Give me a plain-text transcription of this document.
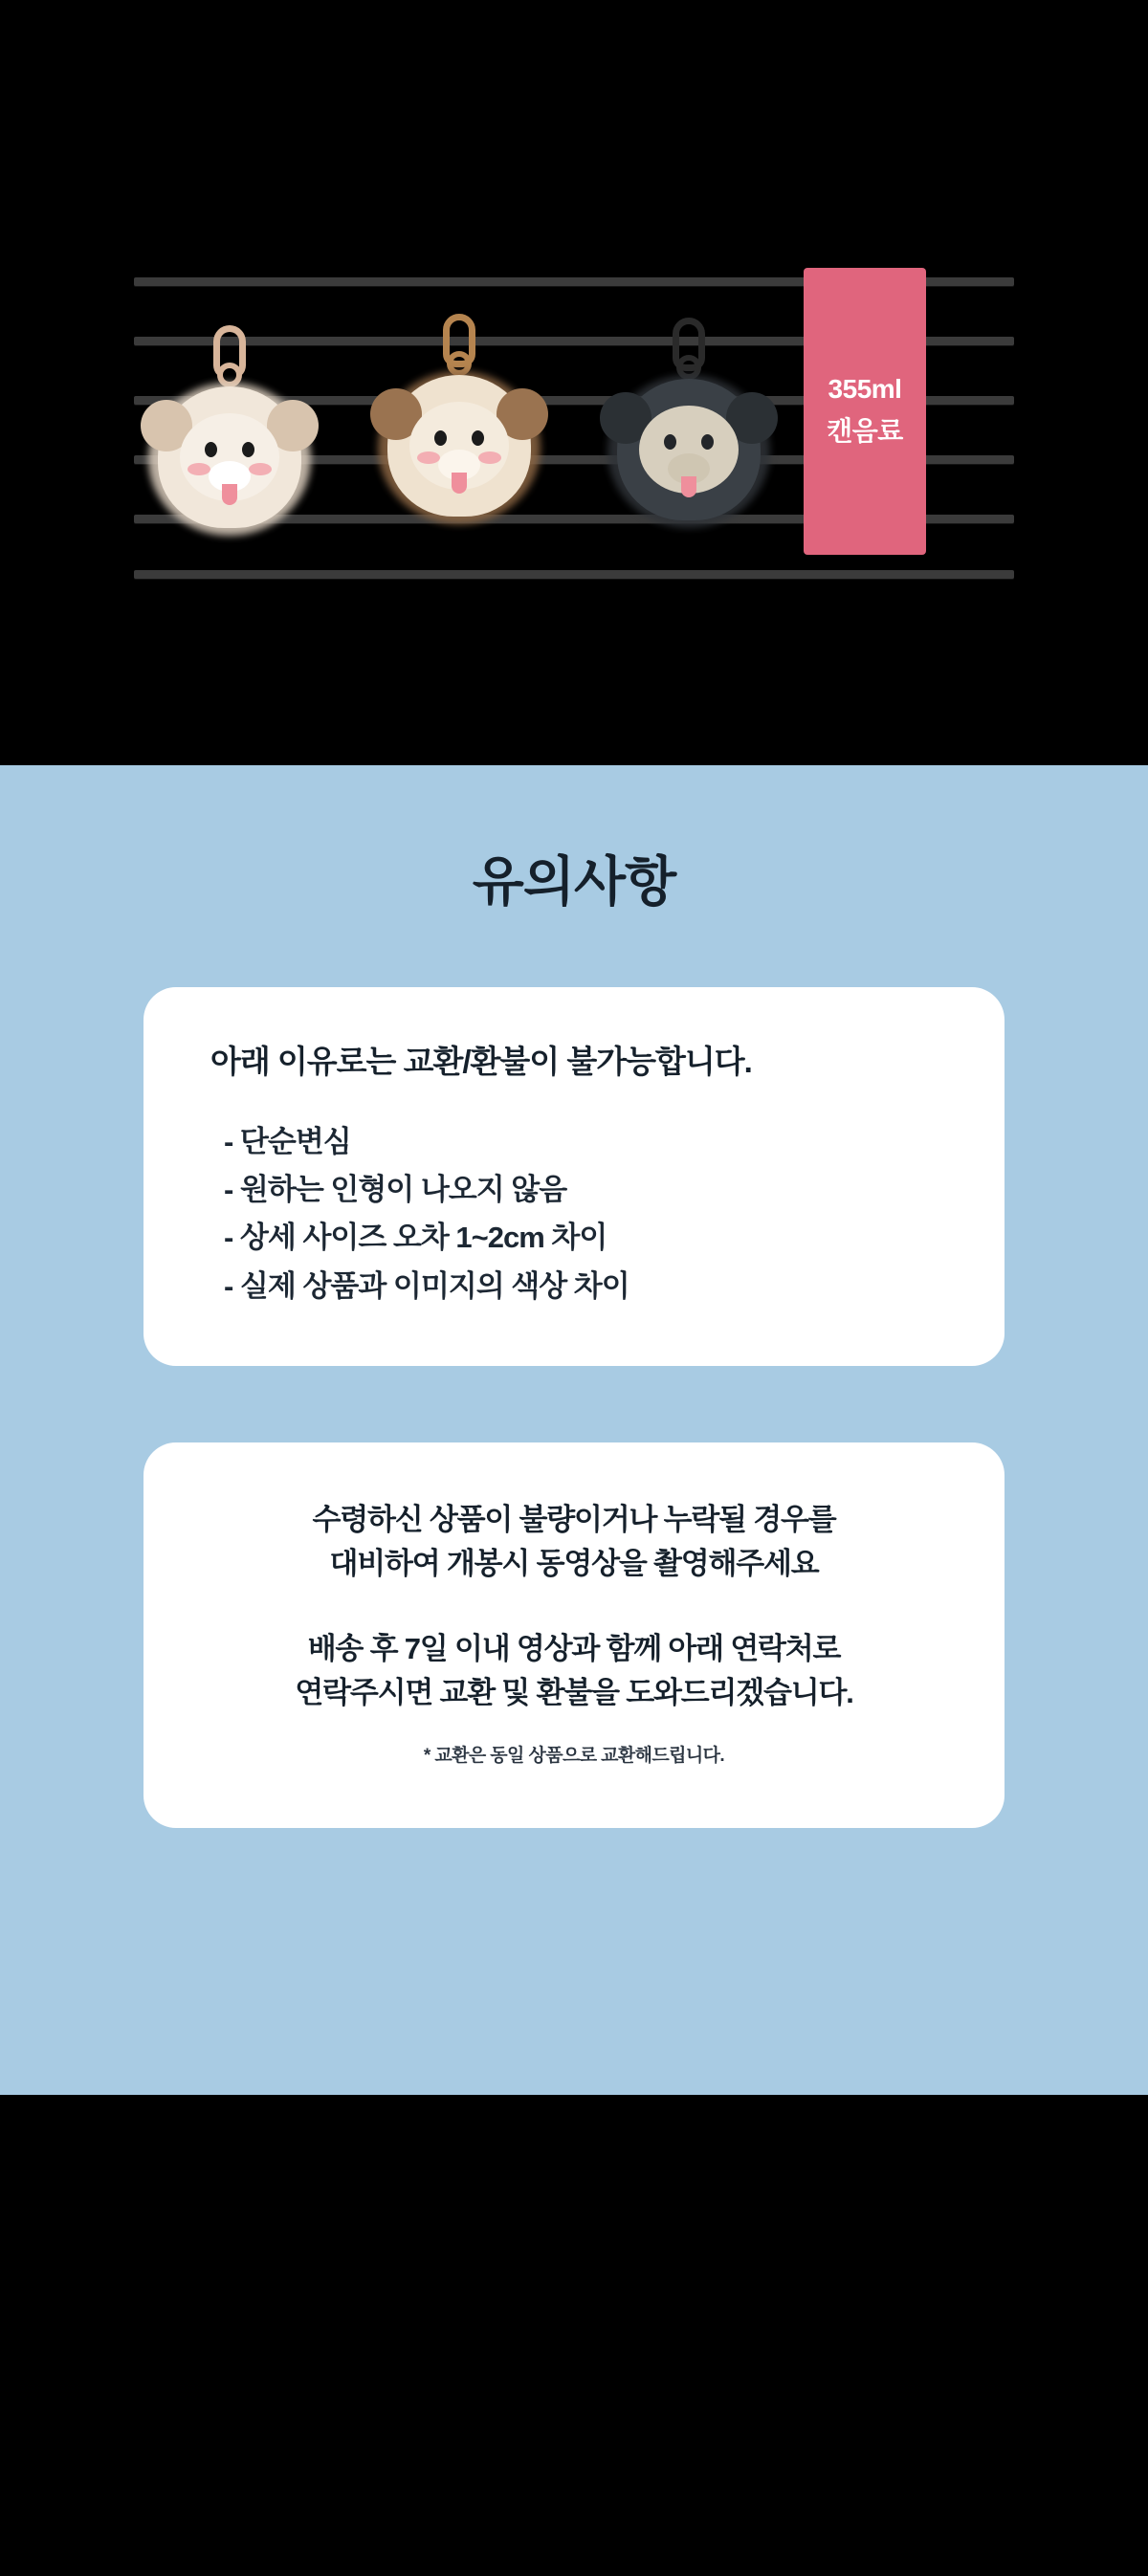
355ml
캔음료
유의사항
아래 이유로는 교환/환불이 불가능합니다.
- 단순변심
- 원하는 인형이 나오지 않음
- 상세 사이즈 오차 1~2cm 차이
- 실제 상품과 이미지의 색상 차이
수령하신 상품이 불량이거나 누락될 경우를
대비하여 개봉시 동영상을 촬영해주세요
배송 후 7일 이내 영상과 함께 아래 연락처로
연락주시면 교환 및 환불을 도와드리겠습니다.
* 교환은 동일 상품으로 교환해드립니다.
